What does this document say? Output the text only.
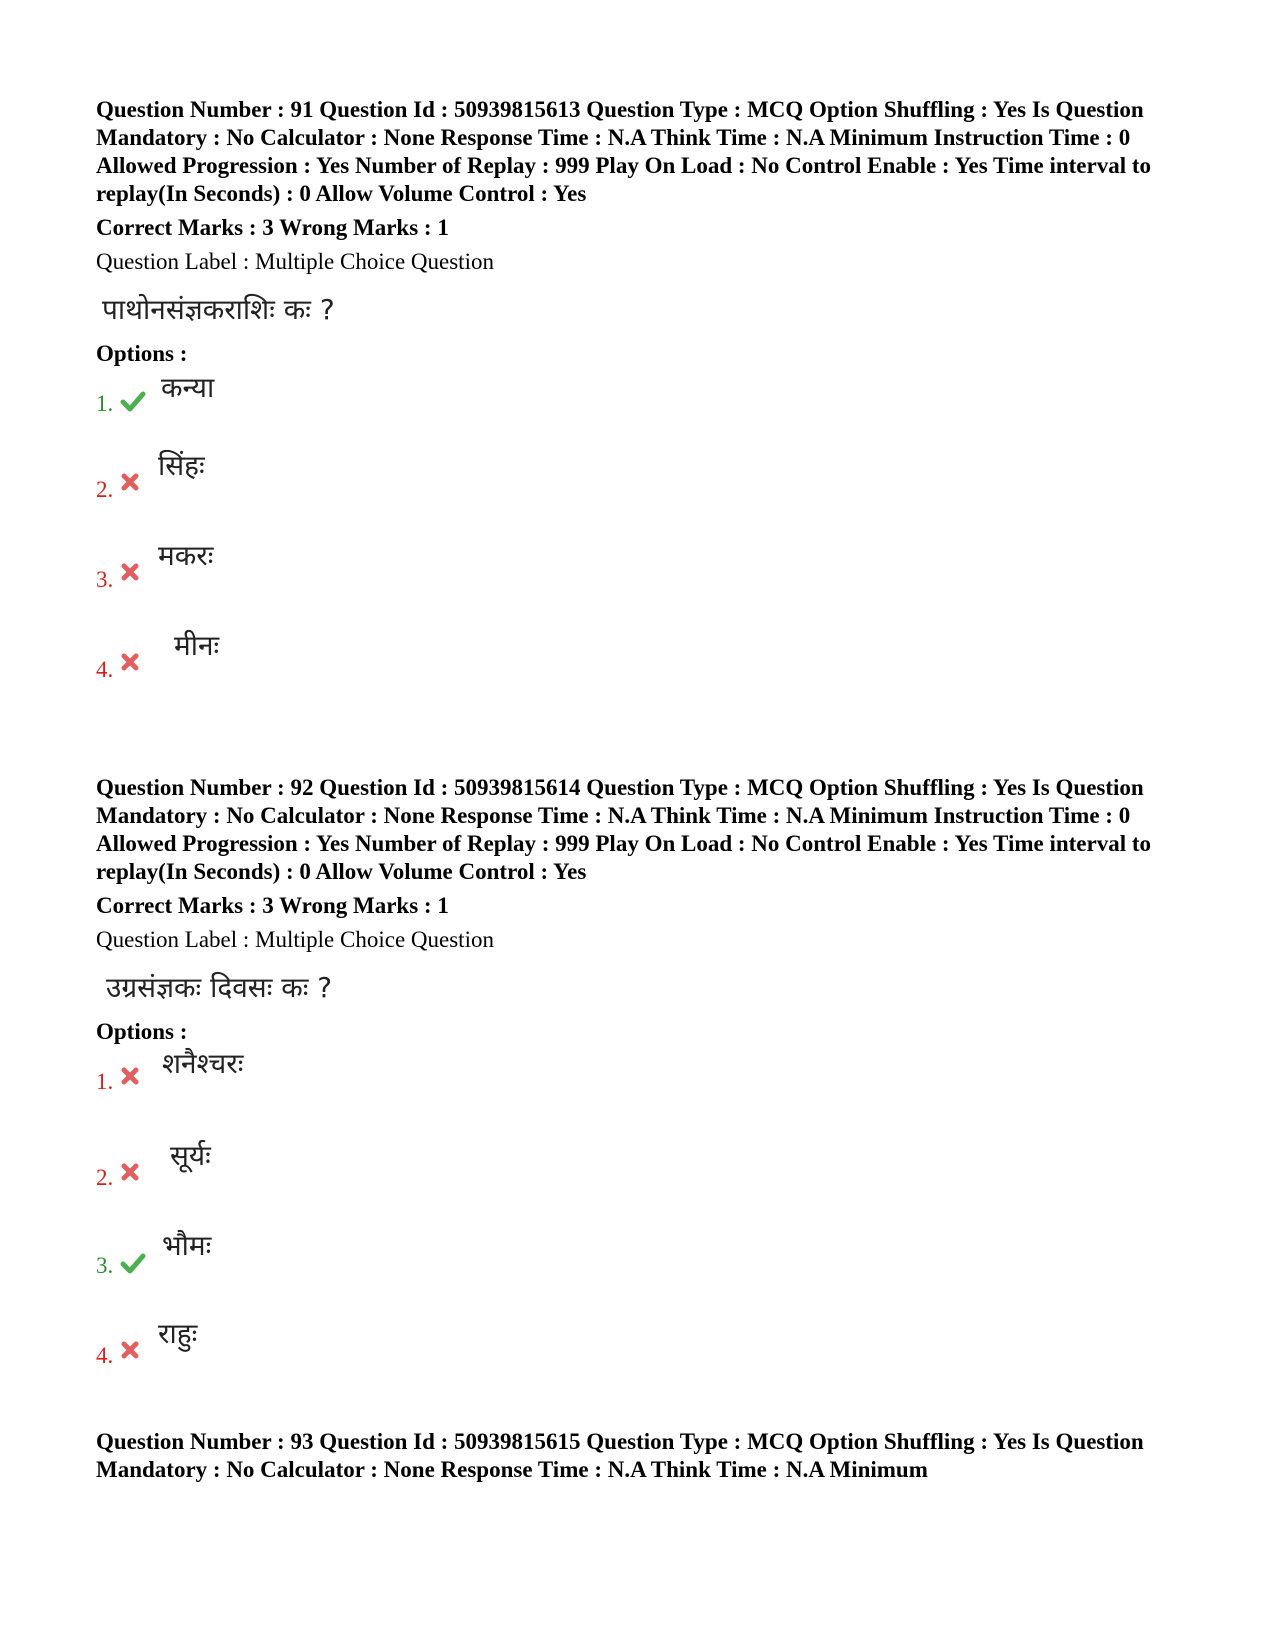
Question Number : 91 Question Id : 50939815613 Question Type : MCQ Option Shuffling : Yes Is Question Mandatory : No Calculator : None Response Time : N.A Think Time : N.A Minimum Instruction Time : 0 Allowed Progression : Yes Number of Replay : 999 Play On Load : No Control Enable : Yes Time interval to replay(In Seconds) : 0 Allow Volume Control : Yes

Correct Marks : 3 Wrong Marks : 1

Question Label : Multiple Choice Question

पाथोनसंज्ञकराशिः कः ?

Options :

1. कन्या
2.
सिंहः
3.
मकरः
4.
मीनः

Question Number : 92 Question Id : 50939815614 Question Type : MCQ Option Shuffling : Yes Is Question Mandatory : No Calculator : None Response Time : N.A Think Time : N.A Minimum Instruction Time : 0 Allowed Progression : Yes Number of Replay : 999 Play On Load : No Control Enable : Yes Time interval to replay(In Seconds) : 0 Allow Volume Control : Yes

Correct Marks : 3 Wrong Marks : 1

Question Label : Multiple Choice Question

उग्रसंज्ञकः दिवसः कः ?

Options :

1.
शनैश्चरः
2.
सूर्यः
3.
भौमः
4.
राहुः

Question Number : 93 Question Id : 50939815615 Question Type : MCQ Option Shuffling : Yes Is Question Mandatory : No Calculator : None Response Time : N.A Think Time : N.A Minimum
